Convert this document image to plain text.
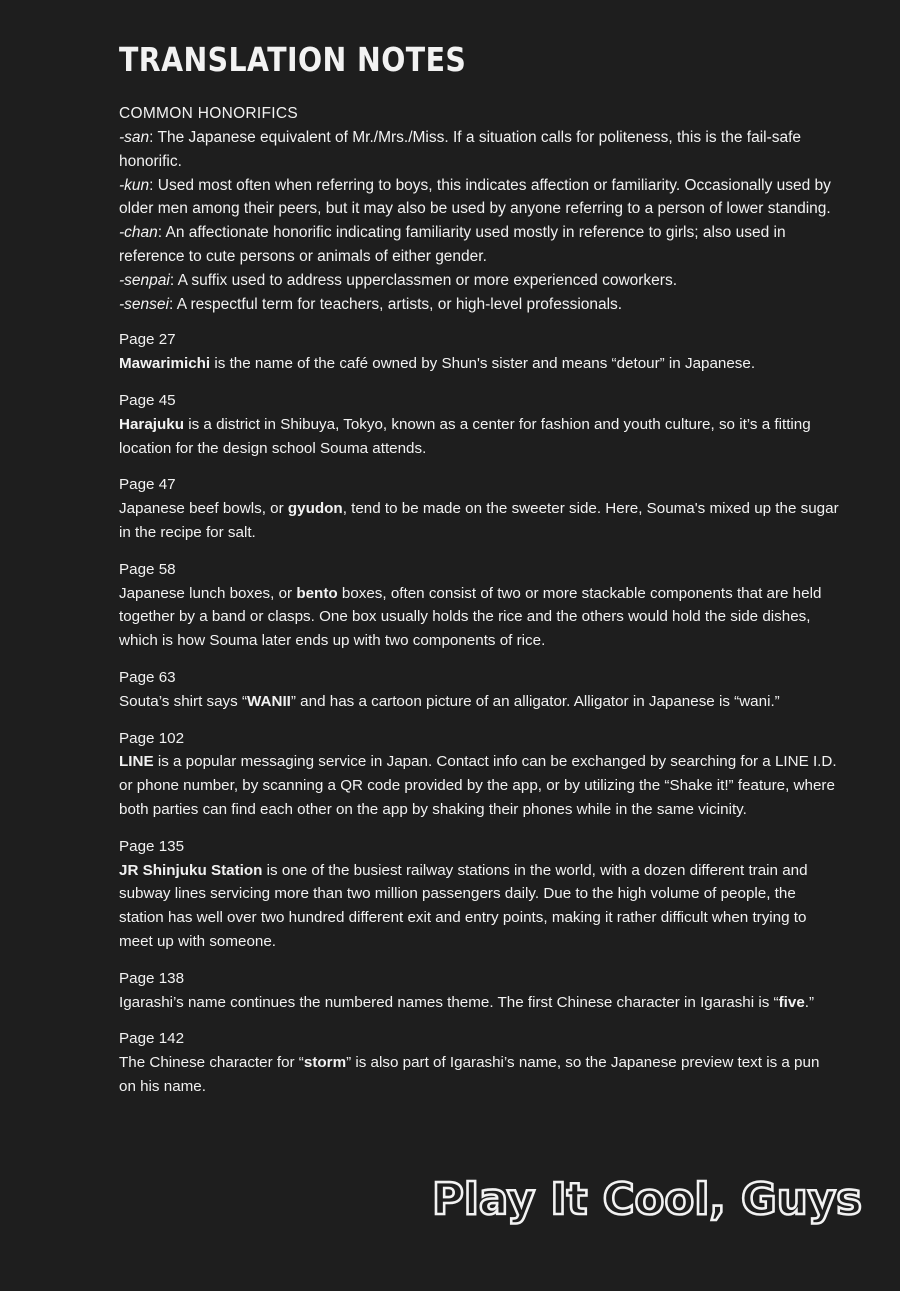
TRANSLATION NOTES
COMMON HONORIFICS
-san: The Japanese equivalent of Mr./Mrs./Miss. If a situation calls for politeness, this is the fail-safe honorific.
-kun: Used most often when referring to boys, this indicates affection or familiarity. Occasionally used by older men among their peers, but it may also be used by anyone referring to a person of lower standing.
-chan: An affectionate honorific indicating familiarity used mostly in reference to girls; also used in reference to cute persons or animals of either gender.
-senpai: A suffix used to address upperclassmen or more experienced coworkers.
-sensei: A respectful term for teachers, artists, or high-level professionals.
Page 27
Mawarimichi is the name of the café owned by Shun's sister and means “detour” in Japanese.
Page 45
Harajuku is a district in Shibuya, Tokyo, known as a center for fashion and youth culture, so it’s a fitting location for the design school Souma attends.
Page 47
Japanese beef bowls, or gyudon, tend to be made on the sweeter side. Here, Souma's mixed up the sugar in the recipe for salt.
Page 58
Japanese lunch boxes, or bento boxes, often consist of two or more stackable components that are held together by a band or clasps. One box usually holds the rice and the others would hold the side dishes, which is how Souma later ends up with two components of rice.
Page 63
Souta’s shirt says “WANII” and has a cartoon picture of an alligator. Alligator in Japanese is “wani.”
Page 102
LINE is a popular messaging service in Japan. Contact info can be exchanged by searching for a LINE I.D. or phone number, by scanning a QR code provided by the app, or by utilizing the “Shake it!” feature, where both parties can find each other on the app by shaking their phones while in the same vicinity.
Page 135
JR Shinjuku Station is one of the busiest railway stations in the world, with a dozen different train and subway lines servicing more than two million passengers daily. Due to the high volume of people, the station has well over two hundred different exit and entry points, making it rather difficult when trying to meet up with someone.
Page 138
Igarashi’s name continues the numbered names theme. The first Chinese character in Igarashi is “five.”
Page 142
The Chinese character for “storm” is also part of Igarashi’s name, so the Japanese preview text is a pun on his name.
Play It Cool, Guys
